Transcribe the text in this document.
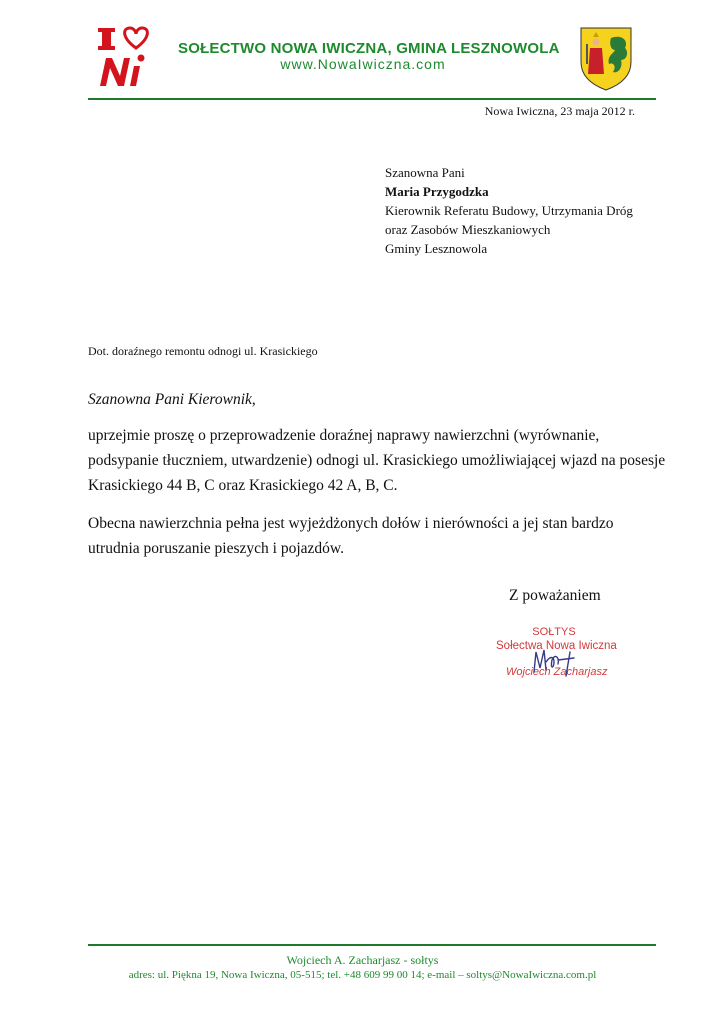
SOŁECTWO NOWA IWICZNA, GMINA LESZNOWOLA
www.NowaIwiczna.com
Nowa Iwiczna, 23 maja 2012 r.
Szanowna Pani
Maria Przygodzka
Kierownik Referatu Budowy, Utrzymania Dróg
oraz Zasobów Mieszkaniowych
Gminy Lesznowola
Dot. doraźnego remontu odnogi ul. Krasickiego
Szanowna Pani Kierownik,

uprzejmie proszę o przeprowadzenie doraźnej naprawy nawierzchni (wyrównanie, podsypanie tłuczniem, utwardzenie) odnogi ul. Krasickiego umożliwiającej wjazd na posesje Krasickiego 44 B, C oraz Krasickiego 42 A, B, C.

Obecna nawierzchnia pełna jest wyjeżdżonych dołów i nierówności a jej stan bardzo utrudnia poruszanie pieszych i pojazdów.

Z poważaniem
SOŁTYS
Sołectwa Nowa Iwiczna
Wojciech Zacharjasz
Wojciech A. Zacharjasz - sołtys
adres: ul. Piękna 19, Nowa Iwiczna, 05-515; tel. +48 609 99 00 14; e-mail – soltys@NowaIwiczna.com.pl
